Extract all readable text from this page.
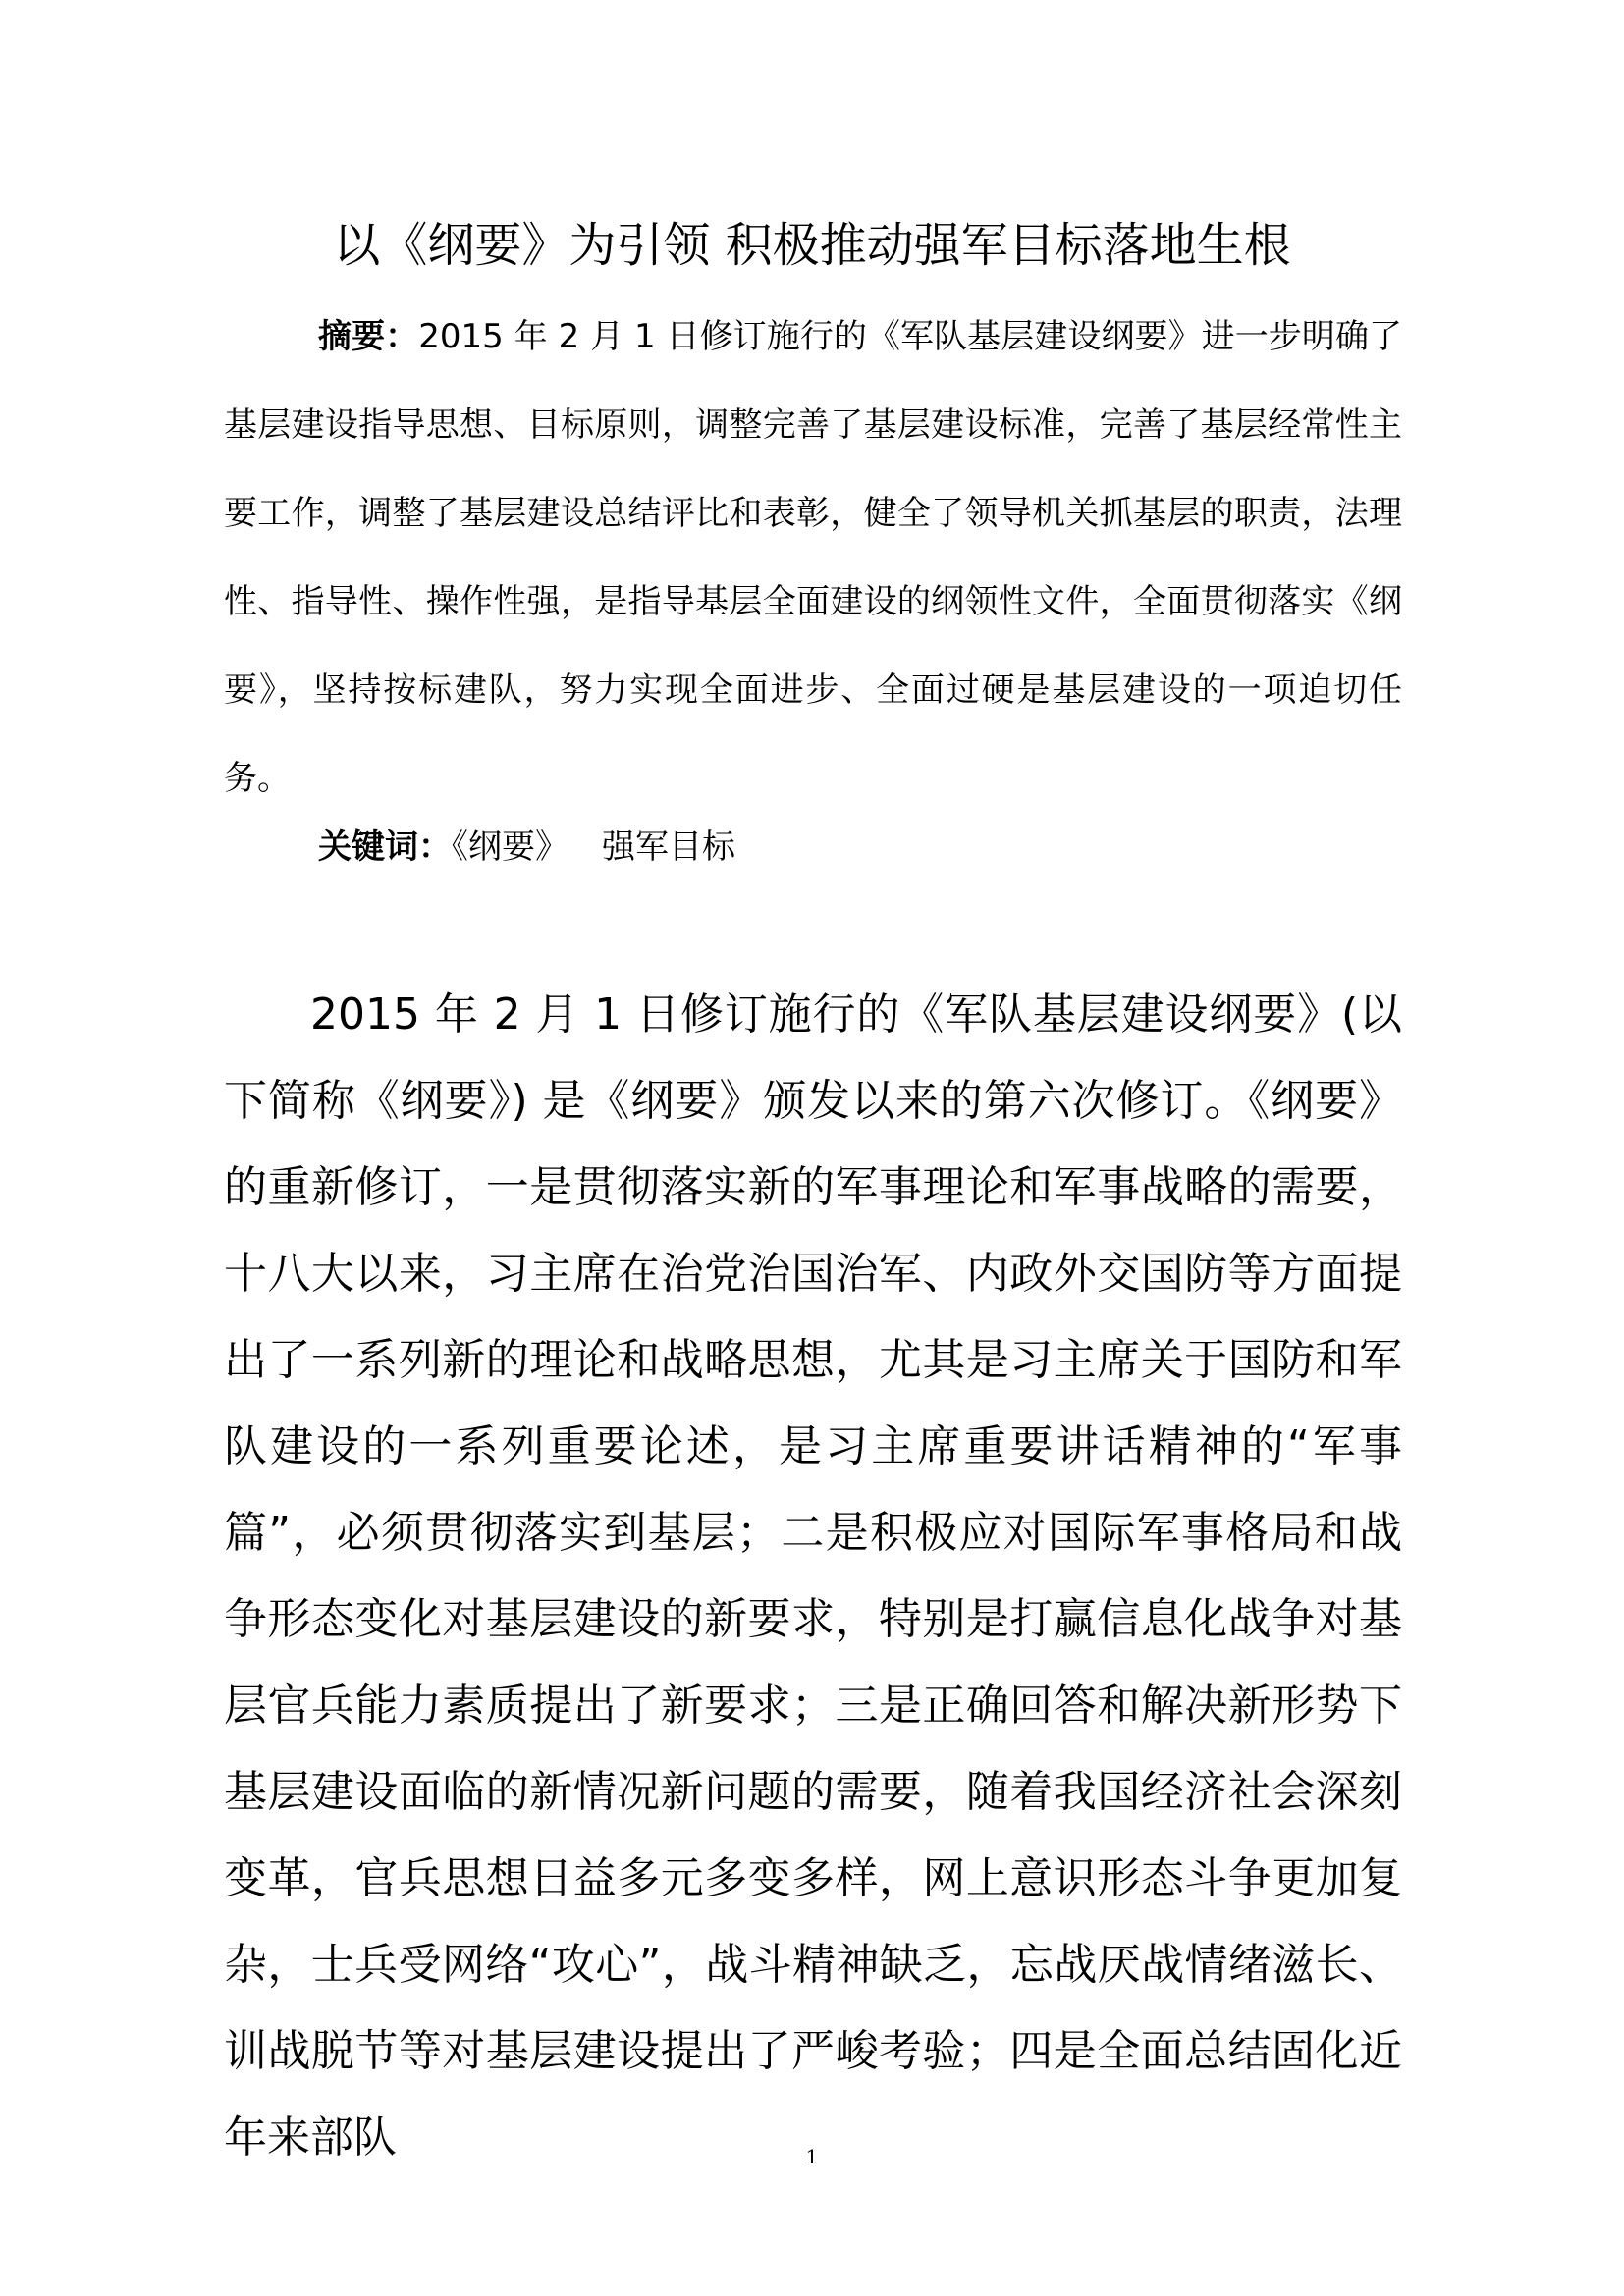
以《纲要》为引领 积极推动强军目标落地生根

摘要：2015 年 2 月 1 日修订施行的《军队基层建设纲要》进一步明确了基层建设指导思想、目标原则，调整完善了基层建设标准，完善了基层经常性主要工作，调整了基层建设总结评比和表彰，健全了领导机关抓基层的职责，法理性、指导性、操作性强，是指导基层全面建设的纲领性文件，全面贯彻落实《纲要》，坚持按标建队，努力实现全面进步、全面过硬是基层建设的一项迫切任务。

关键词：《纲要》 强军目标

2015 年 2 月 1 日修订施行的《军队基层建设纲要》(以下简称《纲要》) 是《纲要》颁发以来的第六次修订。《纲要》的重新修订，一是贯彻落实新的军事理论和军事战略的需要，十八大以来，习主席在治党治国治军、内政外交国防等方面提出了一系列新的理论和战略思想，尤其是习主席关于国防和军队建设的一系列重要论述，是习主席重要讲话精神的“军事篇”，必须贯彻落实到基层；二是积极应对国际军事格局和战争形态变化对基层建设的新要求，特别是打赢信息化战争对基层官兵能力素质提出了新要求；三是正确回答和解决新形势下基层建设面临的新情况新问题的需要，随着我国经济社会深刻变革，官兵思想日益多元多变多样，网上意识形态斗争更加复杂，士兵受网络“攻心”，战斗精神缺乏，忘战厌战情绪滋长、训战脱节等对基层建设提出了严峻考验；四是全面总结固化近年来部队	1
